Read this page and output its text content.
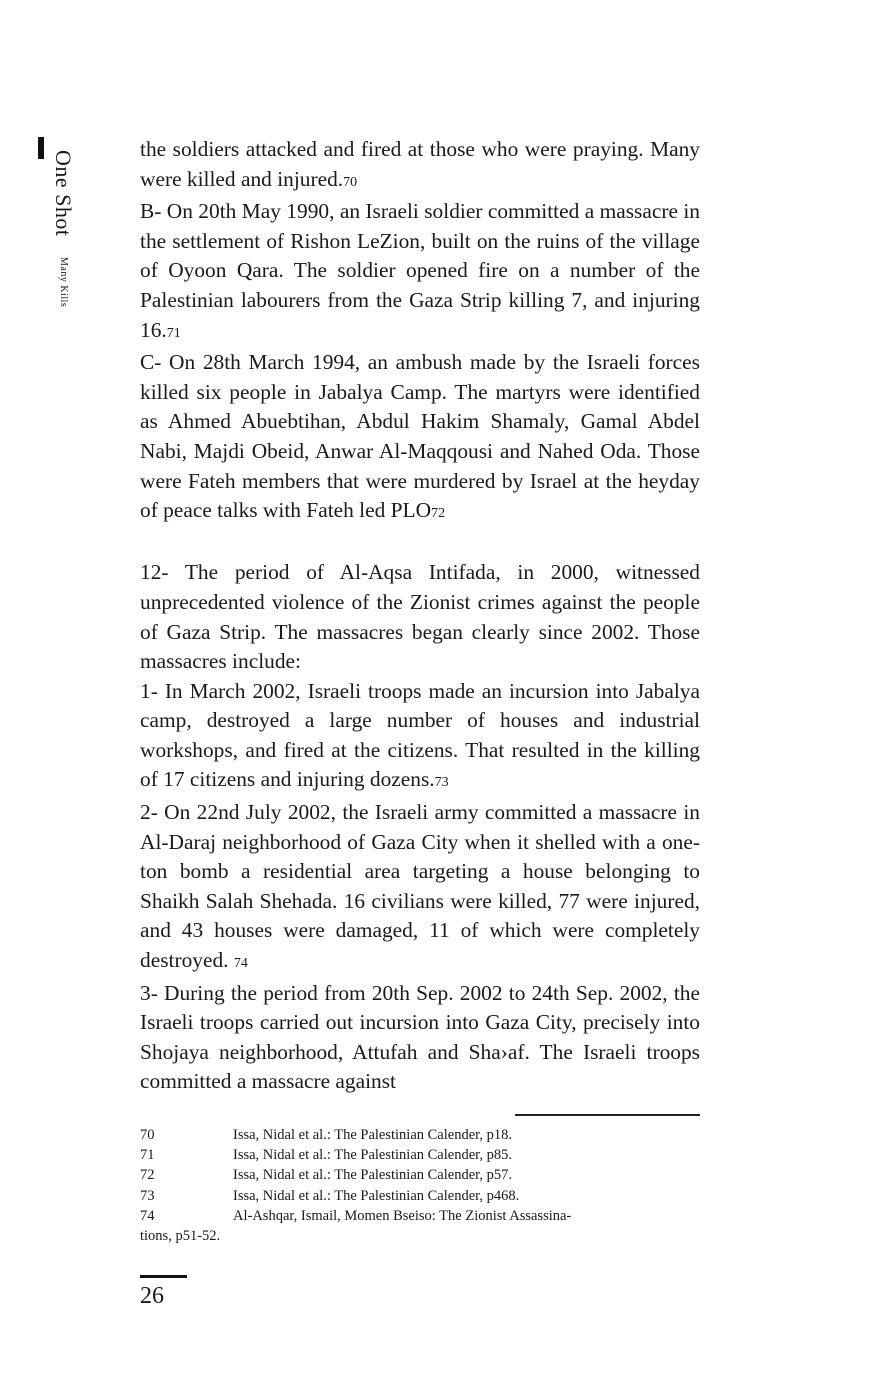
One Shot Many Kills

the soldiers attacked and fired at those who were praying. Many were killed and injured.70

B- On 20th May 1990, an Israeli soldier committed a massacre in the settlement of Rishon LeZion, built on the ruins of the village of Oyoon Qara. The soldier opened fire on a number of the Palestinian labourers from the Gaza Strip killing 7, and injuring 16.71

C- On 28th March 1994, an ambush made by the Israeli forces killed six people in Jabalya Camp. The martyrs were identified as Ahmed Abuebtihan, Abdul Hakim Shamaly, Gamal Abdel Nabi, Majdi Obeid, Anwar Al-Maqqousi and Nahed Oda. Those were Fateh members that were murdered by Israel at the heyday of peace talks with Fateh led PLO72

12- The period of Al-Aqsa Intifada, in 2000, witnessed unprecedented violence of the Zionist crimes against the people of Gaza Strip. The massacres began clearly since 2002. Those massacres include:

1- In March 2002, Israeli troops made an incursion into Jabalya camp, destroyed a large number of houses and industrial workshops, and fired at the citizens. That resulted in the killing of 17 citizens and injuring dozens.73

2- On 22nd July 2002, the Israeli army committed a massacre in Al-Daraj neighborhood of Gaza City when it shelled with a one-ton bomb a residential area targeting a house belonging to Shaikh Salah Shehada. 16 civilians were killed, 77 were injured, and 43 houses were damaged, 11 of which were completely destroyed. 74

3- During the period from 20th Sep. 2002 to 24th Sep. 2002, the Israeli troops carried out incursion into Gaza City, precisely into Shojaya neighborhood, Attufah and Sha›af. The Israeli troops committed a massacre against

70	Issa, Nidal et al.: The Palestinian Calender, p18.
71	Issa, Nidal et al.: The Palestinian Calender, p85.
72	Issa, Nidal et al.: The Palestinian Calender, p57.
73	Issa, Nidal et al.: The Palestinian Calender, p468.
74	Al-Ashqar, Ismail, Momen Bseiso: The Zionist Assassina-
tions, p51-52.
26
